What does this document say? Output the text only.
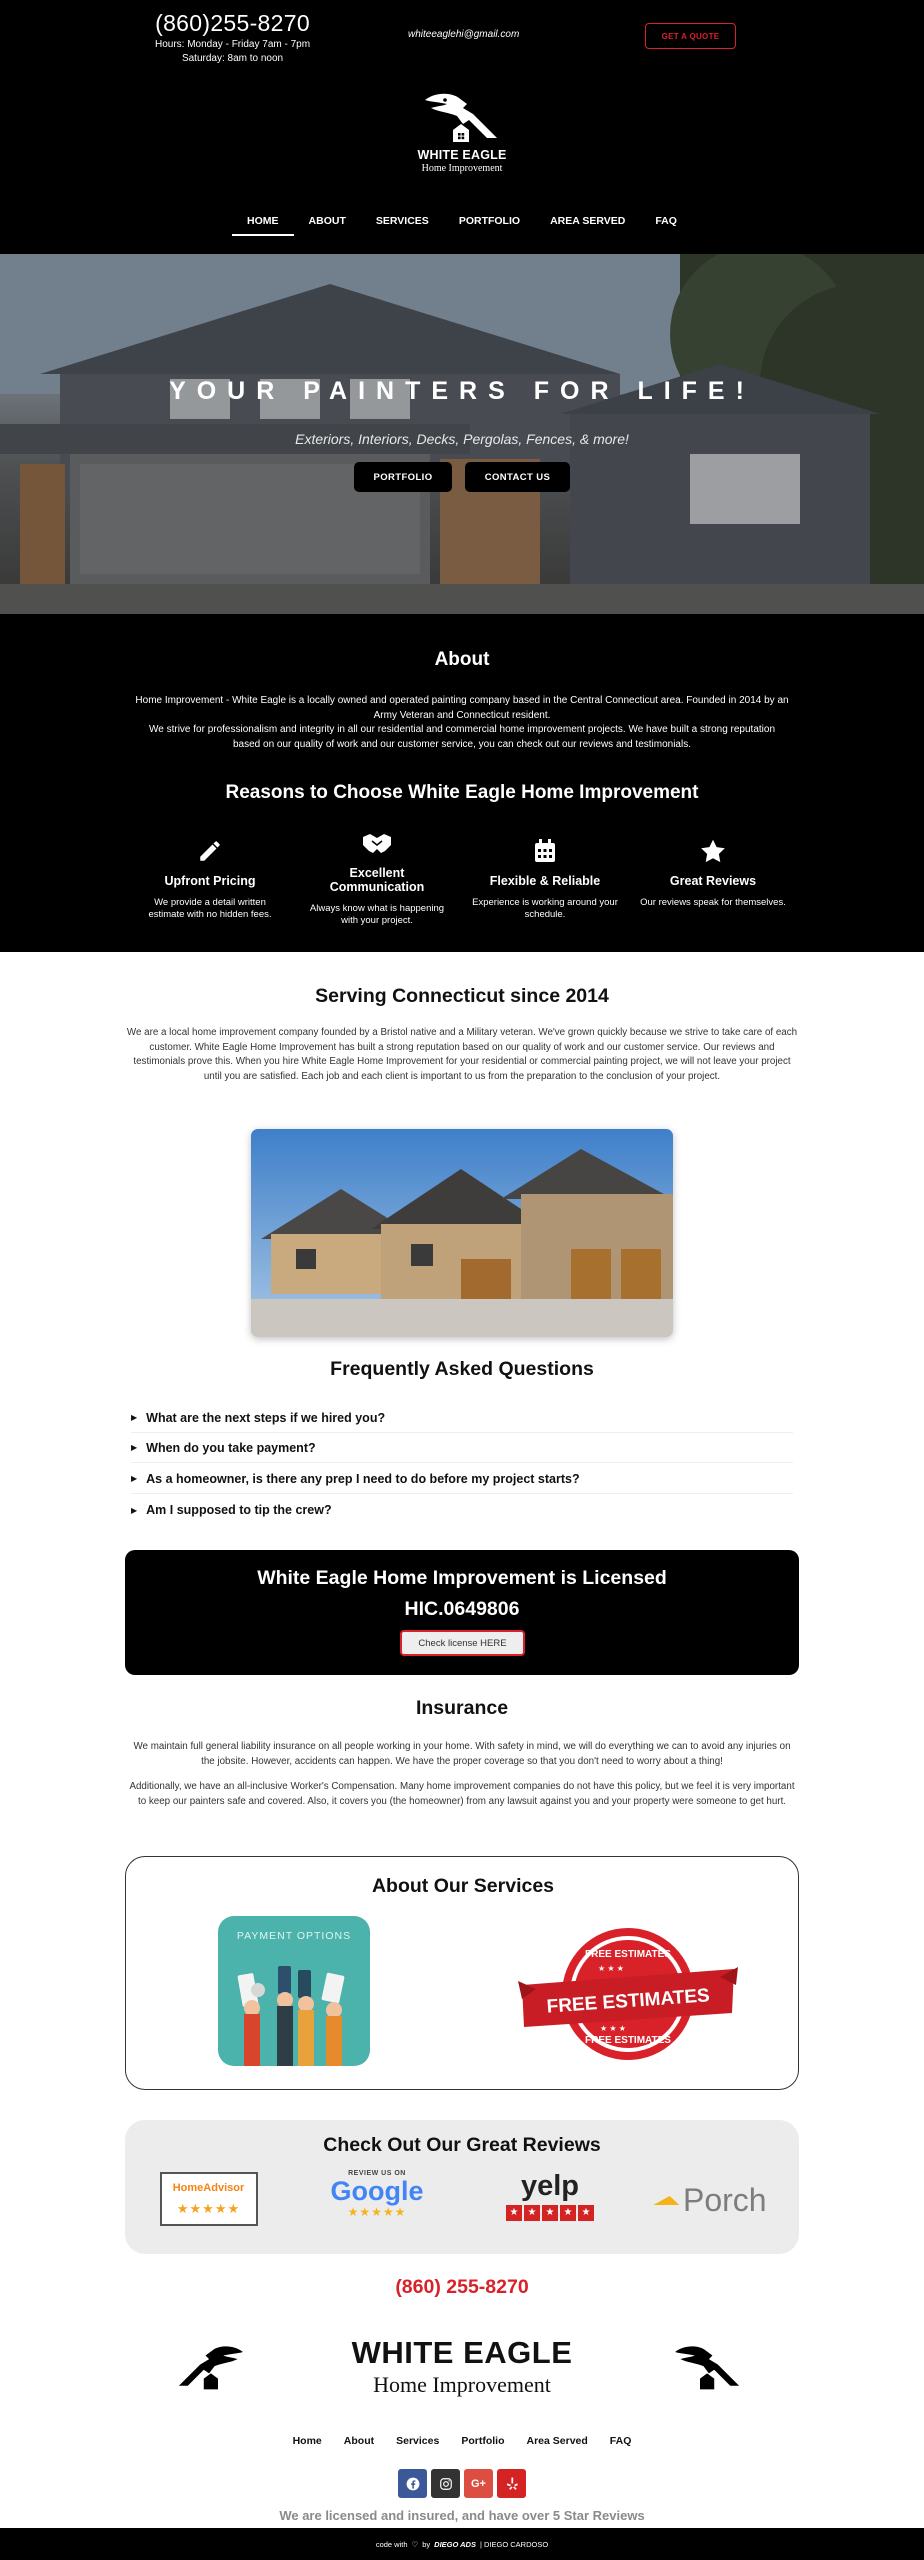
(860)255-8270
Hours: Monday - Friday 7am - 7pm
Saturday: 8am to noon
whiteeaglehi@gmail.com	GET A QUOTE
WHITE EAGLE
Home Improvement
HOME	ABOUT	SERVICES	PORTFOLIO	AREA SERVED	FAQ
YOUR PAINTERS FOR LIFE!
Exteriors, Interiors, Decks, Pergolas, Fences, & more!
PORTFOLIO	CONTACT US
About

Home Improvement - White Eagle is a locally owned and operated painting company based in the Central Connecticut area. Founded in 2014 by an Army Veteran and Connecticut resident.

We strive for professionalism and integrity in all our residential and commercial home improvement projects. We have built a strong reputation based on our quality of work and our customer service, you can check out our reviews and testimonials.

Reasons to Choose White Eagle Home Improvement
Upfront Pricing
We provide a detail written estimate with no hidden fees.
Excellent Communication
Always know what is happening with your project.
Flexible & Reliable
Experience is working around your schedule.
Great Reviews
Our reviews speak for themselves.
Serving Connecticut since 2014

We are a local home improvement company founded by a Bristol native and a Military veteran. We've grown quickly because we strive to take care of each customer. White Eagle Home Improvement has built a strong reputation based on our quality of work and our customer service. Our reviews and testimonials prove this. When you hire White Eagle Home Improvement for your residential or commercial painting project, we will not leave your project until you are satisfied. Each job and each client is important to us from the preparation to the conclusion of your project.

Frequently Asked Questions
▶ What are the next steps if we hired you?
▶ When do you take payment?
▶ As a homeowner, is there any prep I need to do before my project starts?
▶ Am I supposed to tip the crew?
White Eagle Home Improvement is Licensed
HIC.0649806
Check license HERE
Insurance

We maintain full general liability insurance on all people working in your home. With safety in mind, we will do everything we can to avoid any injuries on the jobsite. However, accidents can happen. We have the proper coverage so that you don't need to worry about a thing!

Additionally, we have an all-inclusive Worker's Compensation. Many home improvement companies do not have this policy, but we feel it is very important to keep our painters safe and covered. Also, it covers you (the homeowner) from any lawsuit against you and your property were someone to get hurt.

About Our Services
PAYMENT OPTIONS
FREE ESTIMATES
FREE ESTIMATES
FREE ESTIMATES
★ ★ ★
★ ★ ★
Check Out Our Great Reviews
HomeAdvisor
★★★★★
REVIEW US ON
Google
★★★★★
yelp
★ ★ ★ ★ ★	Porch
(860) 255-8270
WHITE EAGLE
Home Improvement
Home	About	Services	Portfolio	Area Served	FAQ
G+
We are licensed and insured, and have over 5 Star Reviews
code with ♡ by DIEGO ADS | DIEGO CARDOSO
